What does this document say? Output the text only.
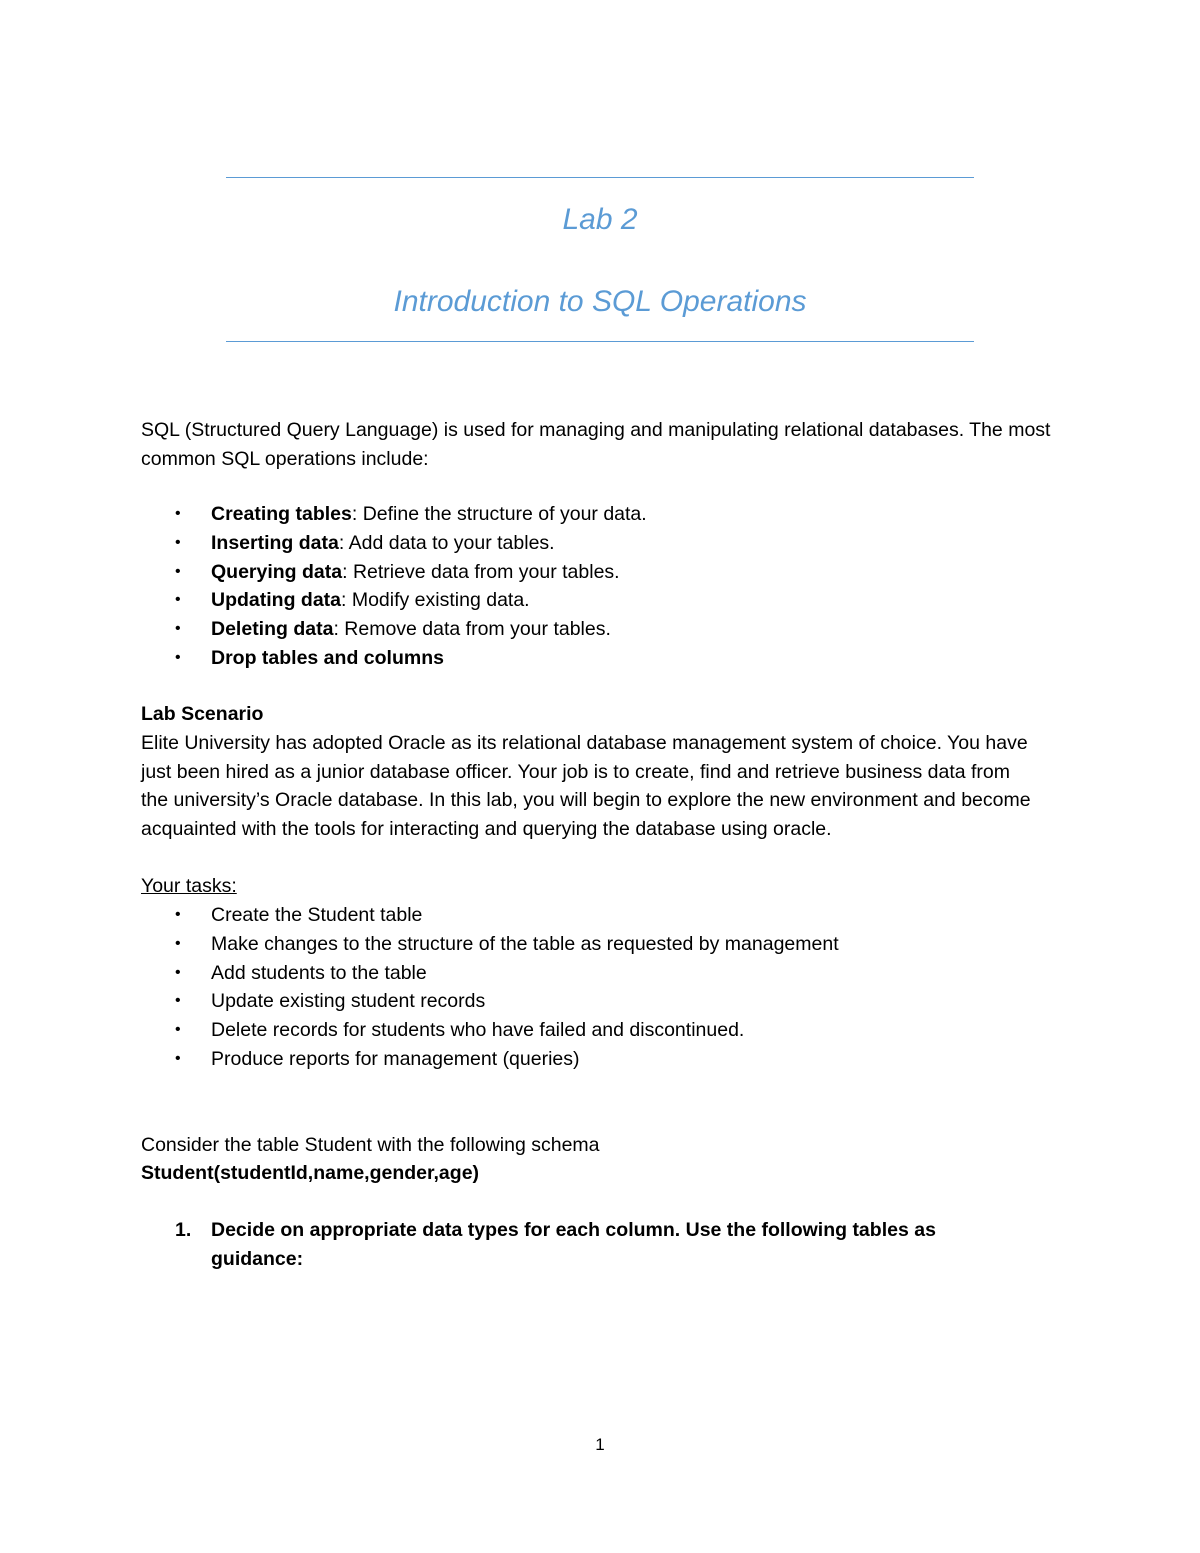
Lab 2
Introduction to SQL Operations
SQL (Structured Query Language) is used for managing and manipulating relational databases. The most common SQL operations include:
• Creating tables: Define the structure of your data.
• Inserting data: Add data to your tables.
• Querying data: Retrieve data from your tables.
• Updating data: Modify existing data.
• Deleting data: Remove data from your tables.
• Drop tables and columns
Lab Scenario
Elite University has adopted Oracle as its relational database management system of choice. You have just been hired as a junior database officer. Your job is to create, find and retrieve business data from the university’s Oracle database. In this lab, you will begin to explore the new environment and become acquainted with the tools for interacting and querying the database using oracle.
Your tasks:
• Create the Student table
• Make changes to the structure of the table as requested by management
• Add students to the table
• Update existing student records
• Delete records for students who have failed and discontinued.
• Produce reports for management (queries)
Consider the table Student with the following schema
Student(studentId,name,gender,age)
1.	Decide on appropriate data types for each column. Use the following tables as guidance:
1
